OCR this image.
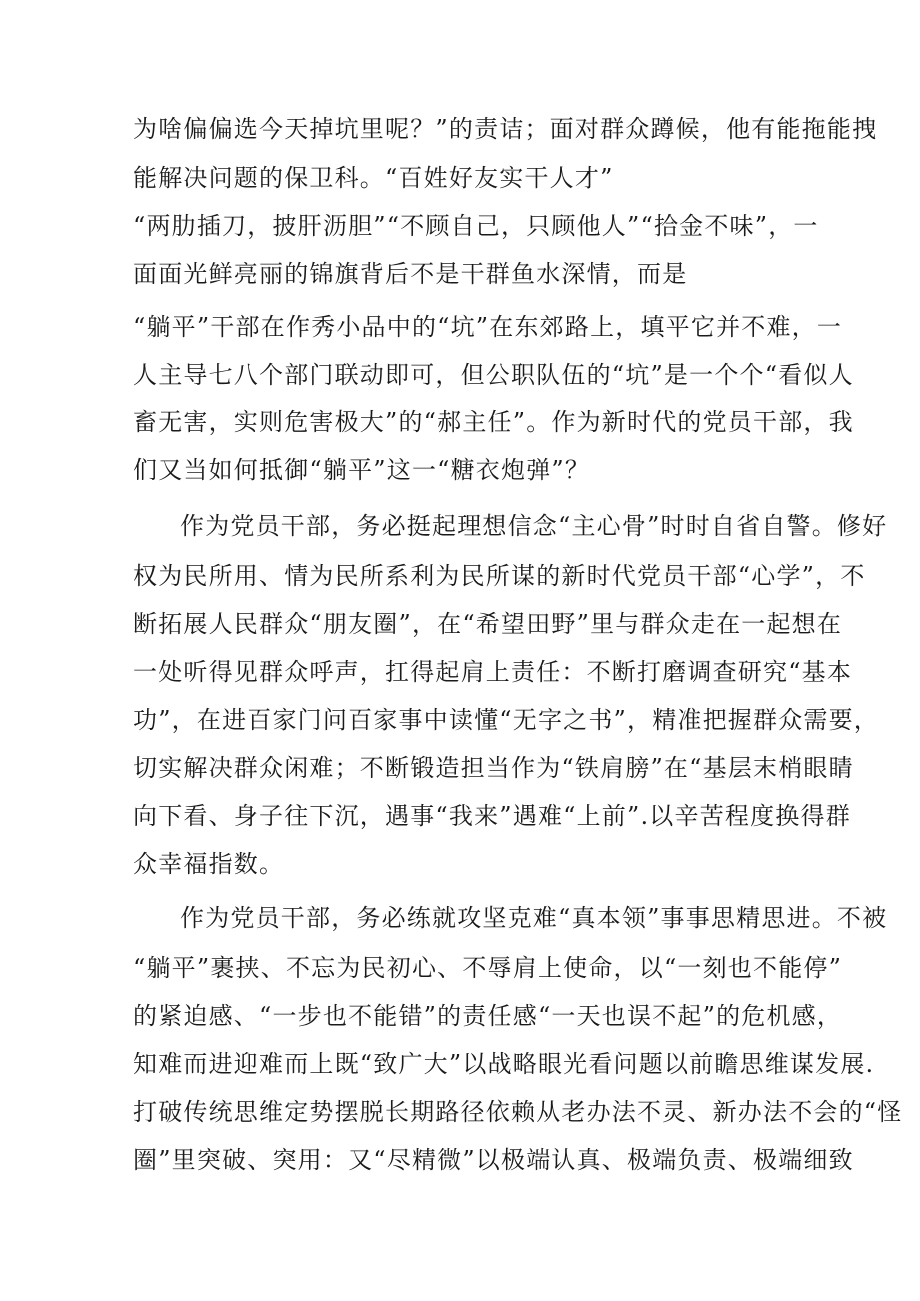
为啥偏偏选今天掉坑里呢？”的责诘；面对群众蹲候，他有能拖能拽
能解决问题的保卫科。“百姓好友实干人才”
“两肋插刀，披肝沥胆”“不顾自己，只顾他人”“拾金不味”，一
面面光鲜亮丽的锦旗背后不是干群鱼水深情，而是
“躺平”干部在作秀小品中的“坑”在东郊路上，填平它并不难，一
人主导七八个部门联动即可，但公职队伍的“坑”是一个个“看似人
畜无害，实则危害极大”的“郝主任”。作为新时代的党员干部，我
们又当如何抵御“躺平”这一“糖衣炮弹”？
作为党员干部，务必挺起理想信念“主心骨”时时自省自警。修好
权为民所用、情为民所系利为民所谋的新时代党员干部“心学”，不
断拓展人民群众“朋友圈”，在“希望田野”里与群众走在一起想在
一处听得见群众呼声，扛得起肩上责任：不断打磨调查研究“基本
功”，在进百家门问百家事中读懂“无字之书”，精准把握群众需要，
切实解决群众闲难；不断锻造担当作为“铁肩膀”在“基层末梢眼睛
向下看、身子往下沉，遇事“我来”遇难“上前”.以辛苦程度换得群
众幸福指数。
作为党员干部，务必练就攻坚克难“真本领”事事思精思进。不被
“躺平”裹挟、不忘为民初心、不辱肩上使命，以“一刻也不能停”
的紧迫感、“一步也不能错”的责任感“一天也误不起”的危机感，
知难而进迎难而上既“致广大”以战略眼光看问题以前瞻思维谋发展.
打破传统思维定势摆脱长期路径依赖从老办法不灵、新办法不会的“怪
圈”里突破、突用：又“尽精微”以极端认真、极端负责、极端细致
